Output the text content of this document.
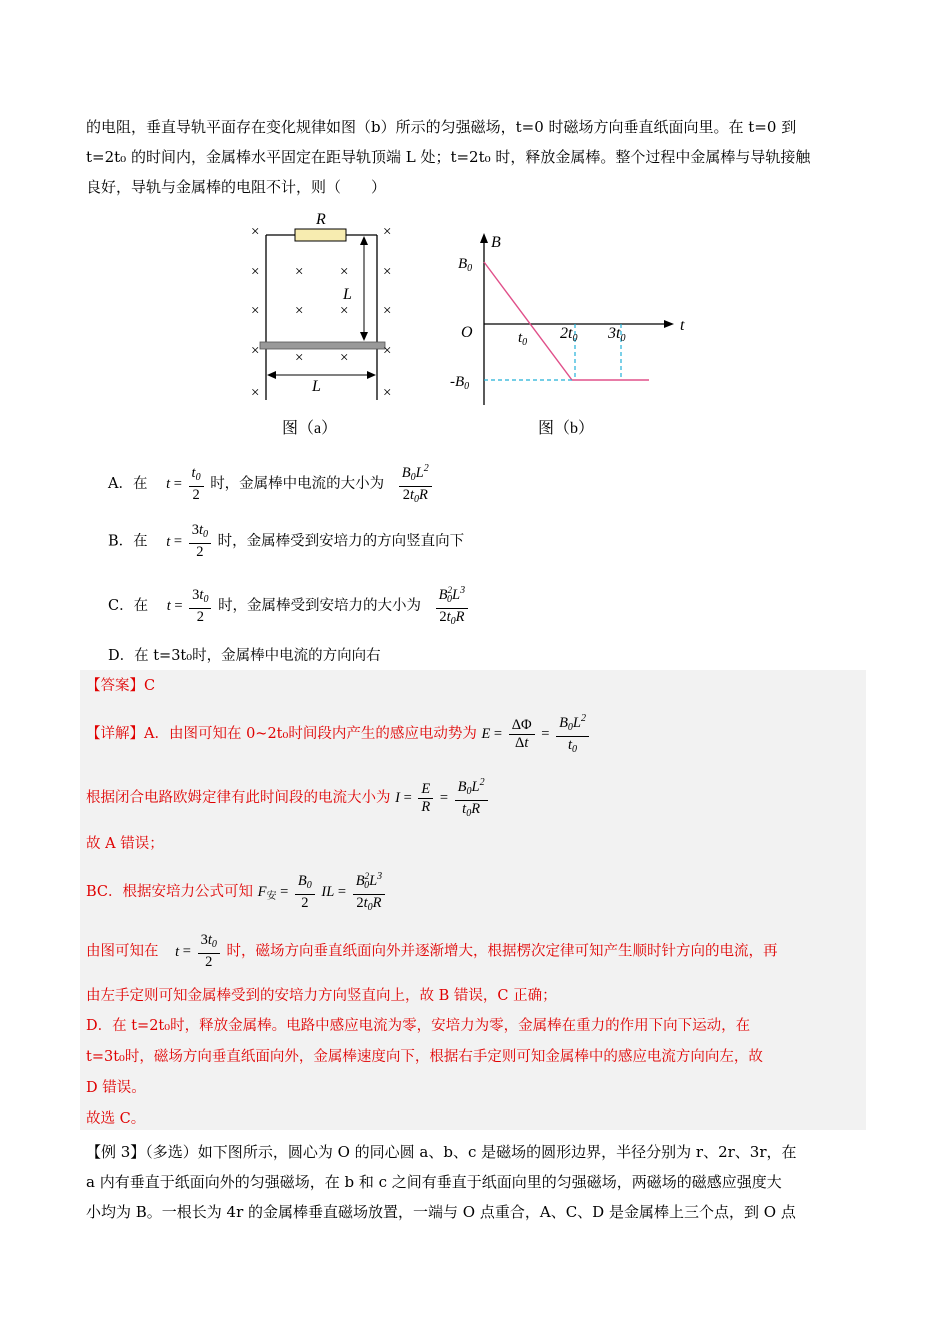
的电阻，垂直导轨平面存在变化规律如图（b）所示的匀强磁场，t=0 时磁场方向垂直纸面向里。在 t=0 到
t=2t₀ 的时间内，金属棒水平固定在距导轨顶端 L 处；t=2t₀ 时，释放金属棒。整个过程中金属棒与导轨接触
良好，导轨与金属棒的电阻不计，则（　　）
R
L
L
×	×
× × × ×
× × × ×
× × × ×
×	×
图（a）
B
t
O
$B_0$
$-B_0$
$t_0$
2t0 3t0
图（b）
A．在 $t = \frac{t_0}{2}$ 时，金属棒中电流的大小为 $\frac{B_0L^2}{2t_0R}$
B．在 $t = \frac{3t_0}{2}$ 时，金属棒受到安培力的方向竖直向下
C．在 $t = \frac{3t_0}{2}$ 时，金属棒受到安培力的大小为 $\frac{B^2_0L^3}{2t_0R}$
D．在 t=3t₀时，金属棒中电流的方向向右
【答案】C
【详解】A．由图可知在 0~2t₀时间段内产生的感应电动势为 $E = \frac{\Delta\Phi}{\Delta t} = \frac{B_0L^2}{t_0}$
根据闭合电路欧姆定律有此时间段的电流大小为 $I = \frac{E}{R} = \frac{B_0L^2}{t_0R}$
故 A 错误；
BC．根据安培力公式可知 $F_安 = \frac{B_0}{2}$ IL = $\frac{B^2_0L^3}{2t_0R}$
由图可知在 $t = \frac{3t_0}{2}$ 时，磁场方向垂直纸面向外并逐渐增大，根据楞次定律可知产生顺时针方向的电流，再
由左手定则可知金属棒受到的安培力方向竖直向上，故 B 错误，C 正确；
D．在 t=2t₀时，释放金属棒。电路中感应电流为零，安培力为零，金属棒在重力的作用下向下运动，在
t=3t₀时，磁场方向垂直纸面向外，金属棒速度向下，根据右手定则可知金属棒中的感应电流方向向左，故
D 错误。
故选 C。
【例 3】（多选）如下图所示，圆心为 O 的同心圆 a、b、c 是磁场的圆形边界，半径分别为 r、2r、3r，在
a 内有垂直于纸面向外的匀强磁场，在 b 和 c 之间有垂直于纸面向里的匀强磁场，两磁场的磁感应强度大
小均为 B。一根长为 4r 的金属棒垂直磁场放置，一端与 O 点重合，A、C、D 是金属棒上三个点，到 O 点
